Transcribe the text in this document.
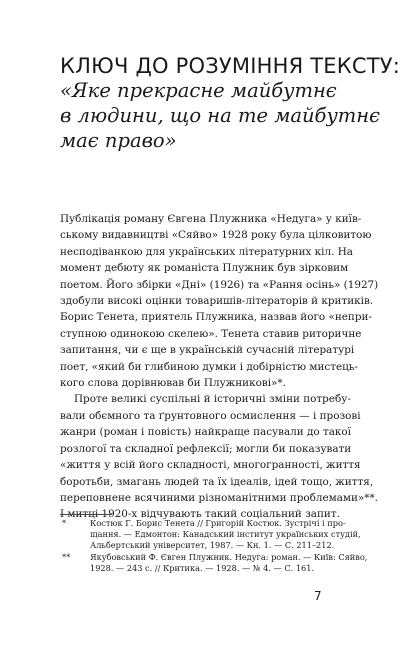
КЛЮЧ ДО РОЗУМІННЯ ТЕКСТУ:
«Яке прекрасне майбутнє
в людини, що на те майбутнє
має право»
Публікація роману Євгена Плужника «Недуга» у київ-
ському видавництві «Сяйво» 1928 року була цілковитою
несподіванкою для українських літературних кіл. На
момент дебюту як романіста Плужник був зірковим
поетом. Його збірки «Дні» (1926) та «Рання осінь» (1927)
здобули високі оцінки товаришів-літераторів й критиків.
Борис Тенета, приятель Плужника, назвав його «непри-
ступною одинокою скелею». Тенета ставив риторичне
запитання, чи є ще в українській сучасній літературі
поет, «який би глибиною думки і добірністю мистець-
кого слова дорівнював би Плужникові»*.
Проте великі суспільні й історичні зміни потребу-
вали обємного та ґрунтовного осмислення — і прозові
жанри (роман і повість) найкраще пасували до такої
розлогої та складної рефлексії; могли би показувати
«життя у всій його складності, многогранності, життя
боротьби, змагань людей та їх ідеалів, ідей тощо, життя,
переповнене всячиними різноманітними проблемами»**.
І митці 1920-х відчувають такий соціальний запит.
*	Костюк Г. Борис Тенета // Григорій Костюк. Зустрічі і про-
щання. — Едмонтон: Канадський інститут українських студій,
Альбертський університет, 1987. — Кн. 1. — С. 211–212.
** Якубовський Ф. Євген Плужник. Недуга: роман. — Київ: Сяйво,
1928. — 243 с. // Критика. — 1928. — № 4. — С. 161.
7
